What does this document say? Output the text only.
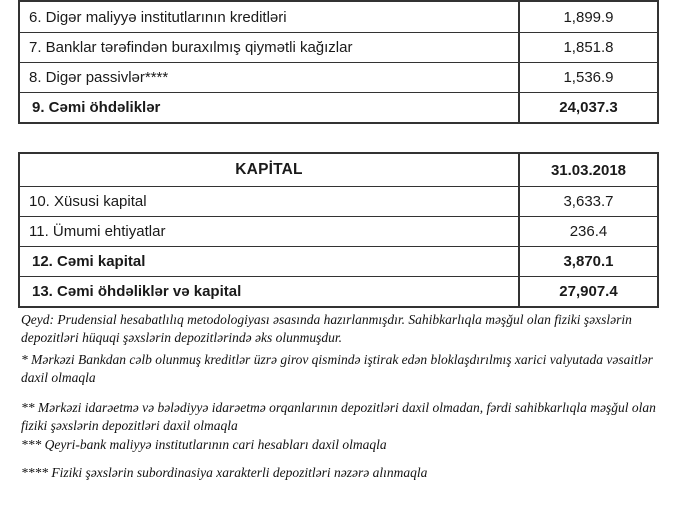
6. Digər maliyyə institutlarının kreditləri	1,899.9
7. Banklar tərəfindən buraxılmış qiymətli kağızlar	1,851.8
8. Digər passivlər****	1,536.9
9. Cəmi öhdəliklər	24,037.3
KAPİTAL	31.03.2018
10. Xüsusi kapital	3,633.7
11. Ümumi ehtiyatlar	236.4
12. Cəmi kapital	3,870.1
13. Cəmi öhdəliklər və kapital	27,907.4

Qeyd: Prudensial hesabatlılıq metodologiyası əsasında hazırlanmışdır. Sahibkarlıqla məşğul olan fiziki şəxslərin depozitləri hüquqi şəxslərin depozitlərində əks olunmuşdur.

* Mərkəzi Bankdan cəlb olunmuş kreditlər üzrə girov qismində iştirak edən bloklaşdırılmış xarici valyutada vəsaitlər daxil olmaqla

** Mərkəzi idarəetmə və bələdiyyə idarəetmə orqanlarının depozitləri daxil olmadan, fərdi sahibkarlıqla məşğul olan fiziki şəxslərin depozitləri daxil olmaqla

*** Qeyri-bank maliyyə institutlarının cari hesabları daxil olmaqla

**** Fiziki şəxslərin subordinasiya xarakterli depozitləri nəzərə alınmaqla
